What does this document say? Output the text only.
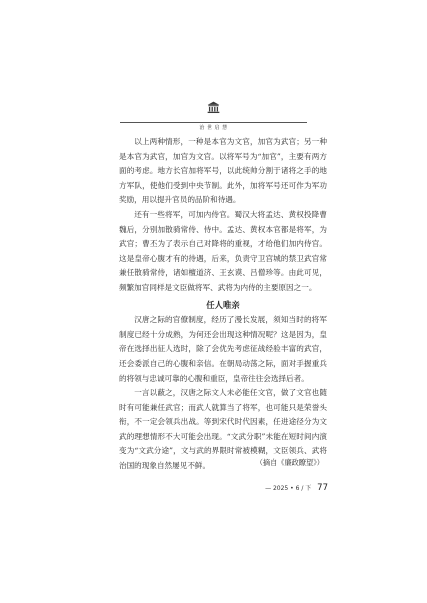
治 世 启 慧

以上两种情形，一种是本官为文官，加官为武官；另一种是本官为武官，加官为文官。以将军号为“加官”，主要有两方面的考虑。地方长官加将军号，以此统帅分割于诸将之手的地方军队，使他们受到中央节制。此外，加将军号还可作为军功奖励，用以提升官员的品阶和待遇。

还有一些将军，可加内侍官。蜀汉大将孟达、黄权投降曹魏后，分别加散骑常侍、侍中。孟达、黄权本官都是将军，为武官；曹丕为了表示自己对降将的重视，才给他们加内侍官。这是皇帝心腹才有的待遇，后来，负责守卫宫城的禁卫武官常兼任散骑常侍，诸如檀道济、王玄谟、吕僧珍等。由此可见，频繁加官同样是文臣做将军、武将为内侍的主要原因之一。

任人唯亲

汉唐之际的官僚制度，经历了漫长发展，须知当时的将军制度已经十分成熟，为何还会出现这种情况呢？这是因为，皇帝在选择出征人选时，除了会优先考虑征战经验丰富的武官，还会委派自己的心腹和亲信。在朝局动荡之际，面对手握重兵的将领与忠诚可靠的心腹和重臣，皇帝往往会选择后者。

一言以蔽之，汉唐之际文人未必能任文官，做了文官也随时有可能兼任武官；而武人就算当了将军，也可能只是荣誉头衔，不一定会领兵出战。等到宋代时代因素，任进途径分为文武的理想情形不大可能会出现。“文武分职”未能在短时间内演变为“文武分途”，文与武的界限时常被模糊，文臣领兵、武将治国的现象自然屡见不鲜。	（摘自《廉政瞭望》）
— 2025 • 6 / 下 77
